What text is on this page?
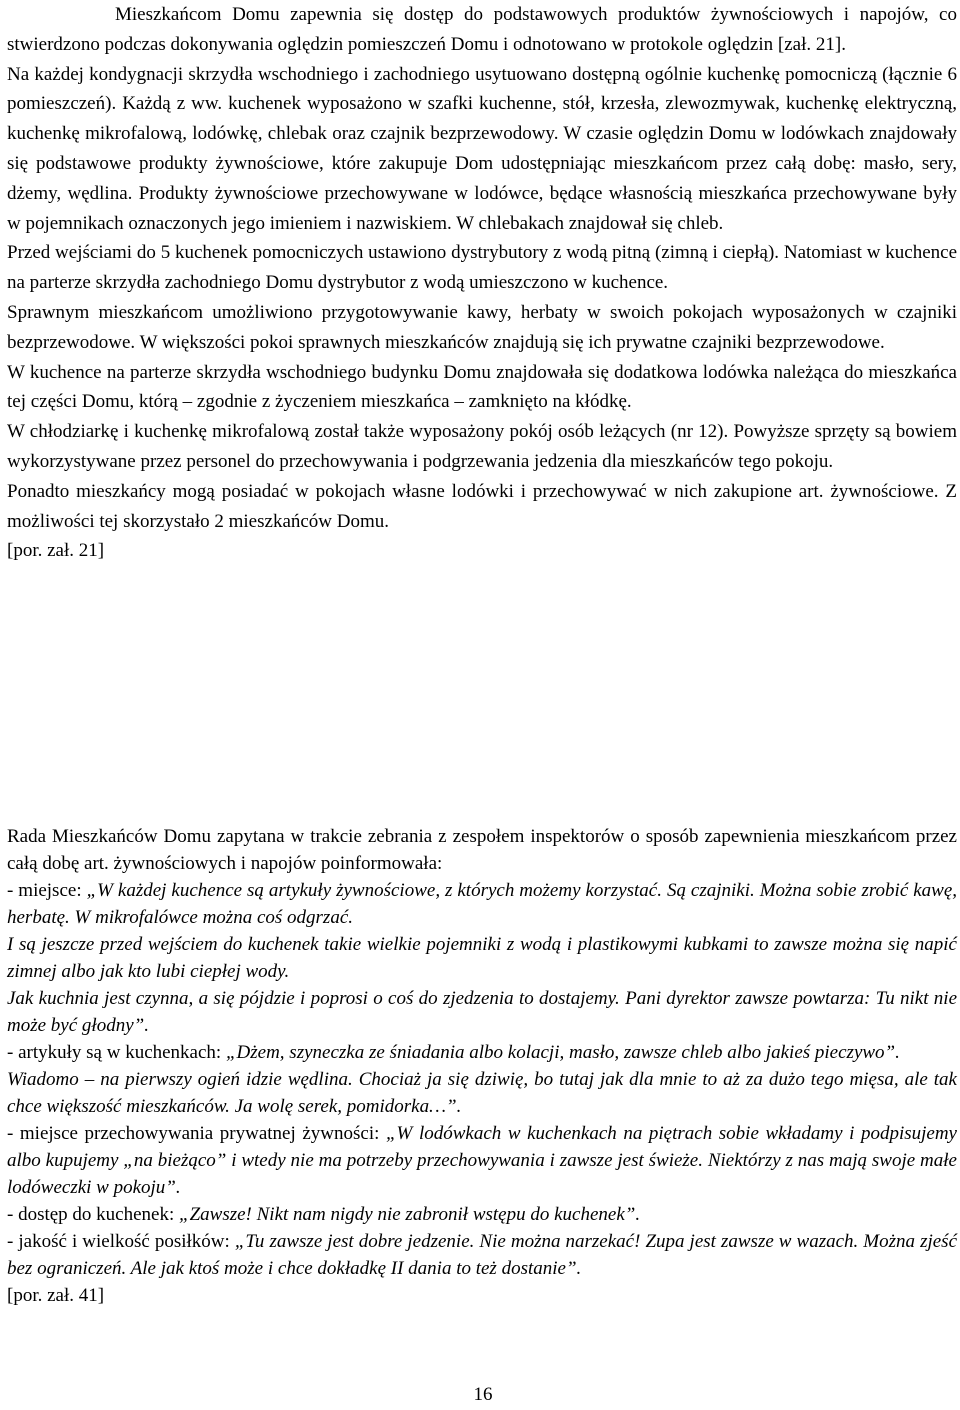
Mieszkańcom Domu zapewnia się dostęp do podstawowych produktów żywnościowych i napojów, co stwierdzono podczas dokonywania oględzin pomieszczeń Domu i odnotowano w protokole oględzin [zał. 21].

Na każdej kondygnacji skrzydła wschodniego i zachodniego usytuowano dostępną ogólnie kuchenkę pomocniczą (łącznie 6 pomieszczeń). Każdą z ww. kuchenek wyposażono w szafki kuchenne, stół, krzesła, zlewozmywak, kuchenkę elektryczną, kuchenkę mikrofalową, lodówkę, chlebak oraz czajnik bezprzewodowy. W czasie oględzin Domu w lodówkach znajdowały się podstawowe produkty żywnościowe, które zakupuje Dom udostępniając mieszkańcom przez całą dobę: masło, sery, dżemy, wędlina. Produkty żywnościowe przechowywane w lodówce, będące własnością mieszkańca przechowywane były w pojemnikach oznaczonych jego imieniem i nazwiskiem. W chlebakach znajdował się chleb.

Przed wejściami do 5 kuchenek pomocniczych ustawiono dystrybutory z wodą pitną (zimną i ciepłą). Natomiast w kuchence na parterze skrzydła zachodniego Domu dystrybutor z wodą umieszczono w kuchence.

Sprawnym mieszkańcom umożliwiono przygotowywanie kawy, herbaty w swoich pokojach wyposażonych w czajniki bezprzewodowe. W większości pokoi sprawnych mieszkańców znajdują się ich prywatne czajniki bezprzewodowe.

W kuchence na parterze skrzydła wschodniego budynku Domu znajdowała się dodatkowa lodówka należąca do mieszkańca tej części Domu, którą – zgodnie z życzeniem mieszkańca – zamknięto na kłódkę.

W chłodziarkę i kuchenkę mikrofalową został także wyposażony pokój osób leżących (nr 12). Powyższe sprzęty są bowiem wykorzystywane przez personel do przechowywania i podgrzewania jedzenia dla mieszkańców tego pokoju.

Ponadto mieszkańcy mogą posiadać w pokojach własne lodówki i przechowywać w nich zakupione art. żywnościowe. Z możliwości tej skorzystało 2 mieszkańców Domu.

[por. zał. 21]

Rada Mieszkańców Domu zapytana w trakcie zebrania z zespołem inspektorów o sposób zapewnienia mieszkańcom przez całą dobę art. żywnościowych i napojów poinformowała:

- miejsce: „W każdej kuchence są artykuły żywnościowe, z których możemy korzystać. Są czajniki. Można sobie zrobić kawę, herbatę. W mikrofalówce można coś odgrzać.

I są jeszcze przed wejściem do kuchenek takie wielkie pojemniki z wodą i plastikowymi kubkami to zawsze można się napić zimnej albo jak kto lubi ciepłej wody.

Jak kuchnia jest czynna, a się pójdzie i poprosi o coś do zjedzenia to dostajemy. Pani dyrektor zawsze powtarza: Tu nikt nie może być głodny”.

- artykuły są w kuchenkach: „Dżem, szyneczka ze śniadania albo kolacji, masło, zawsze chleb albo jakieś pieczywo”.

Wiadomo – na pierwszy ogień idzie wędlina. Chociaż ja się dziwię, bo tutaj jak dla mnie to aż za dużo tego mięsa, ale tak chce większość mieszkańców. Ja wolę serek, pomidorka…”.

- miejsce przechowywania prywatnej żywności: „W lodówkach w kuchenkach na piętrach sobie wkładamy i podpisujemy albo kupujemy „na bieżąco” i wtedy nie ma potrzeby przechowywania i zawsze jest świeże. Niektórzy z nas mają swoje małe lodóweczki w pokoju”.

- dostęp do kuchenek: „Zawsze! Nikt nam nigdy nie zabronił wstępu do kuchenek”.

- jakość i wielkość posiłków: „Tu zawsze jest dobre jedzenie. Nie można narzekać! Zupa jest zawsze w wazach. Można zjeść bez ograniczeń. Ale jak ktoś może i chce dokładkę II dania to też dostanie”.

[por. zał. 41]

16
